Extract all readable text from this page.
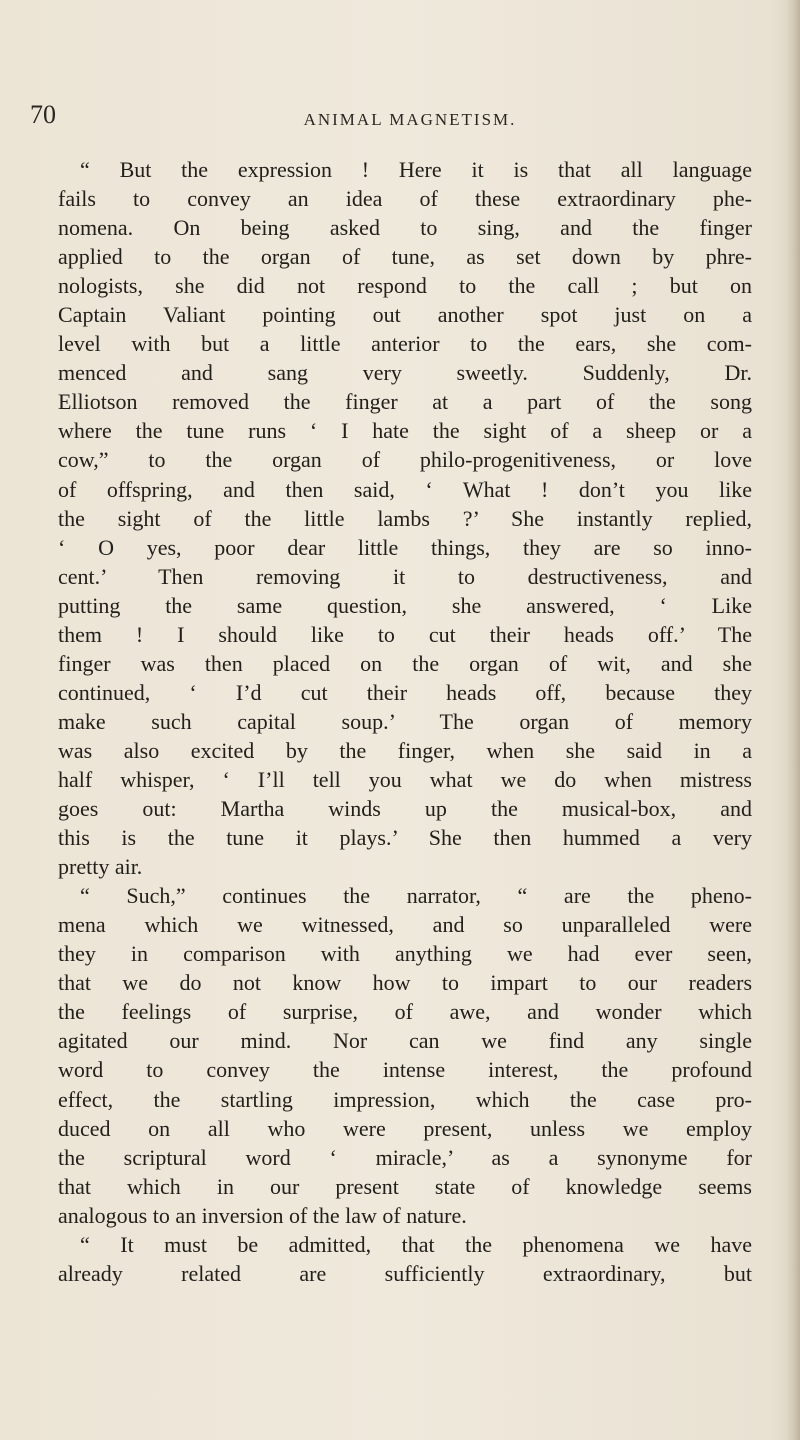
70	ANIMAL MAGNETISM.
“ But the expression ! Here it is that all language
fails to convey an idea of these extraordinary phe-
nomena. On being asked to sing, and the finger
applied to the organ of tune, as set down by phre-
nologists, she did not respond to the call ; but on
Captain Valiant pointing out another spot just on a
level with but a little anterior to the ears, she com-
menced and sang very sweetly. Suddenly, Dr.
Elliotson removed the finger at a part of the song
where the tune runs ‘ I hate the sight of a sheep or a
cow,” to the organ of philo-progenitiveness, or love
of offspring, and then said, ‘ What ! don’t you like
the sight of the little lambs ?’ She instantly replied,
‘ O yes, poor dear little things, they are so inno-
cent.’ Then removing it to destructiveness, and
putting the same question, she answered, ‘ Like
them ! I should like to cut their heads off.’ The
finger was then placed on the organ of wit, and she
continued, ‘ I’d cut their heads off, because they
make such capital soup.’ The organ of memory
was also excited by the finger, when she said in a
half whisper, ‘ I’ll tell you what we do when mistress
goes out: Martha winds up the musical-box, and
this is the tune it plays.’ She then hummed a very
pretty air.
“ Such,” continues the narrator, “ are the pheno-
mena which we witnessed, and so unparalleled were
they in comparison with anything we had ever seen,
that we do not know how to impart to our readers
the feelings of surprise, of awe, and wonder which
agitated our mind. Nor can we find any single
word to convey the intense interest, the profound
effect, the startling impression, which the case pro-
duced on all who were present, unless we employ
the scriptural word ‘ miracle,’ as a synonyme for
that which in our present state of knowledge seems
analogous to an inversion of the law of nature.
“ It must be admitted, that the phenomena we have
already related are sufficiently extraordinary, but
